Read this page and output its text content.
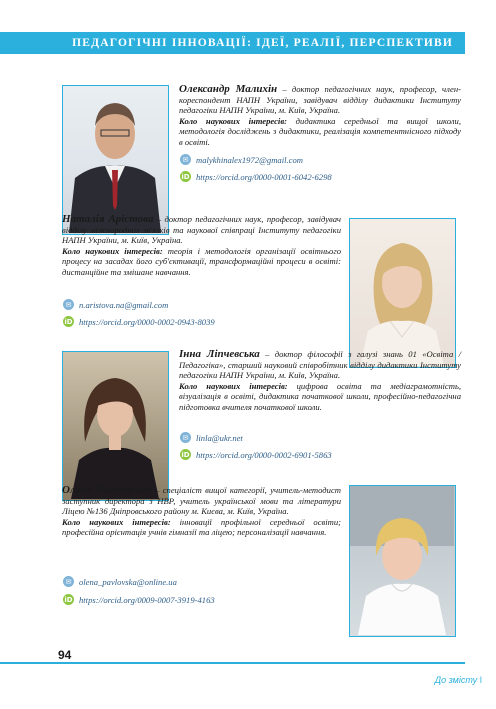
ПЕДАГОГІЧНІ ІННОВАЦІЇ: ІДЕЇ, РЕАЛІЇ, ПЕРСПЕКТИВИ
Олександр Малихін – доктор педагогічних наук, професор, член-кореспондент НАПН України, завідувач відділу дидактики Інституту педагогіки НАПН України, м. Київ, Україна.
Коло наукових інтересів: дидактика середньої та вищої школи, методологія досліджень з дидактики, реалізація компетентнісного підходу в освіті.
✉ malykhinalex1972@gmail.com
iD https://orcid.org/0000-0001-6042-6298
Наталія Арістова – доктор педагогічних наук, професор, завідувач відділу міжнародних зв'язків та наукової співпраці Інституту педагогіки НАПН України, м. Київ, Україна.
Коло наукових інтересів: теорія і методологія організації освітнього процесу на засадах його суб'єктивації, трансформаційні процеси в освіті: дистанційне та змішане навчання.
✉ n.aristova.na@gmail.com
iD https://orcid.org/0000-0002-0943-8039
Інна Ліпчевська – доктор філософії з галузі знань 01 «Освіта / Педагогіка», старший науковий співробітник відділу дидактики Інституту педагогіки НАПН України, м. Київ, Україна.
Коло наукових інтересів: цифрова освіта та медіаграмотність, візуалізація в освіті, дидактика початкової школи, професійно-педагогічна підготовка вчителя початкової школи.
✉ linla@ukr.net
iD https://orcid.org/0000-0002-6901-5863
Олена Павловська – спеціаліст вищої категорії, учитель-методист заступник директора з НВР, учитель української мови та літератури Ліцею №136 Дніпровського району м. Києва, м. Київ, Україна.
Коло наукових інтересів: інновації профільної середньої освіти; професійна орієнтація учнів гімназії та ліцею; персоналізації навчання.
✉ olena_pavlovska@online.ua
iD https://orcid.org/0009-0007-3919-4163
94
До змісту ǀ
